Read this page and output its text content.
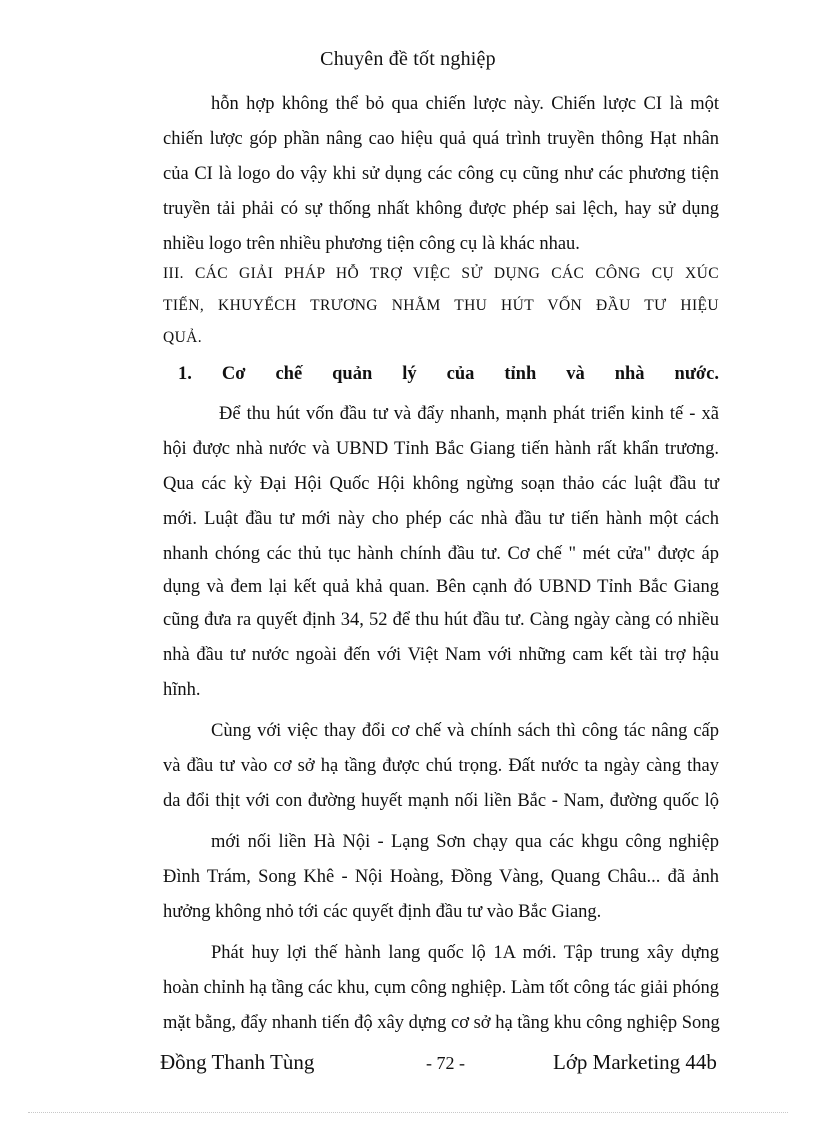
Chuyên đề tốt nghiệp
hỗn hợp không thể bỏ qua chiến lược này. Chiến lược CI là một
chiến lược góp phần nâng cao hiệu quả quá trình truyền thông Hạt nhân
của CI là logo do vậy khi sử dụng các công cụ cũng như các phương tiện
truyền tải phải có sự thống nhất không được phép sai lệch, hay sử dụng
nhiều logo trên nhiều phương tiện công cụ là khác nhau.
III. CÁC GIẢI PHÁP HỖ TRỢ VIỆC SỬ DỤNG CÁC CÔNG CỤ XÚC
TIẾN, KHUYẾCH TRƯƠNG NHẰM THU HÚT VỐN ĐẦU TƯ HIỆU
QUẢ.
1. Cơ chế quản lý của tỉnh và nhà nước.
Để thu hút vốn đầu tư và đẩy nhanh, mạnh phát triển kinh tế - xã
hội được nhà nước và UBND Tỉnh Bắc Giang tiến hành rất khẩn trương.
Qua các kỳ Đại Hội Quốc Hội không ngừng soạn thảo các luật đầu tư
mới. Luật đầu tư mới này cho phép các nhà đầu tư tiến hành một cách
nhanh chóng các thủ tục hành chính đầu tư. Cơ chế " mét cửa" được áp
dụng và đem lại kết quả khả quan. Bên cạnh đó UBND Tỉnh Bắc Giang
cũng đưa ra quyết định 34, 52 để thu hút đầu tư. Càng ngày càng có nhiều
nhà đầu tư nước ngoài đến với Việt Nam với những cam kết tài trợ hậu
hĩnh.
Cùng với việc thay đổi cơ chế và chính sách thì công tác nâng cấp
và đầu tư vào cơ sở hạ tầng được chú trọng. Đất nước ta ngày càng thay
da đổi thịt với con đường huyết mạnh nối liền Bắc - Nam, đường quốc lộ
mới nối liền Hà Nội - Lạng Sơn chạy qua các khgu công nghiệp
Đình Trám, Song Khê - Nội Hoàng, Đồng Vàng, Quang Châu... đã ảnh
hưởng không nhỏ tới các quyết định đầu tư vào Bắc Giang.
Phát huy lợi thế hành lang quốc lộ 1A mới. Tập trung xây dựng
hoàn chỉnh hạ tầng các khu, cụm công nghiệp. Làm tốt công tác giải phóng
mặt bằng, đẩy nhanh tiến độ xây dựng cơ sở hạ tầng khu công nghiệp Song
Đồng Thanh Tùng	- 72 -	Lớp Marketing 44b
